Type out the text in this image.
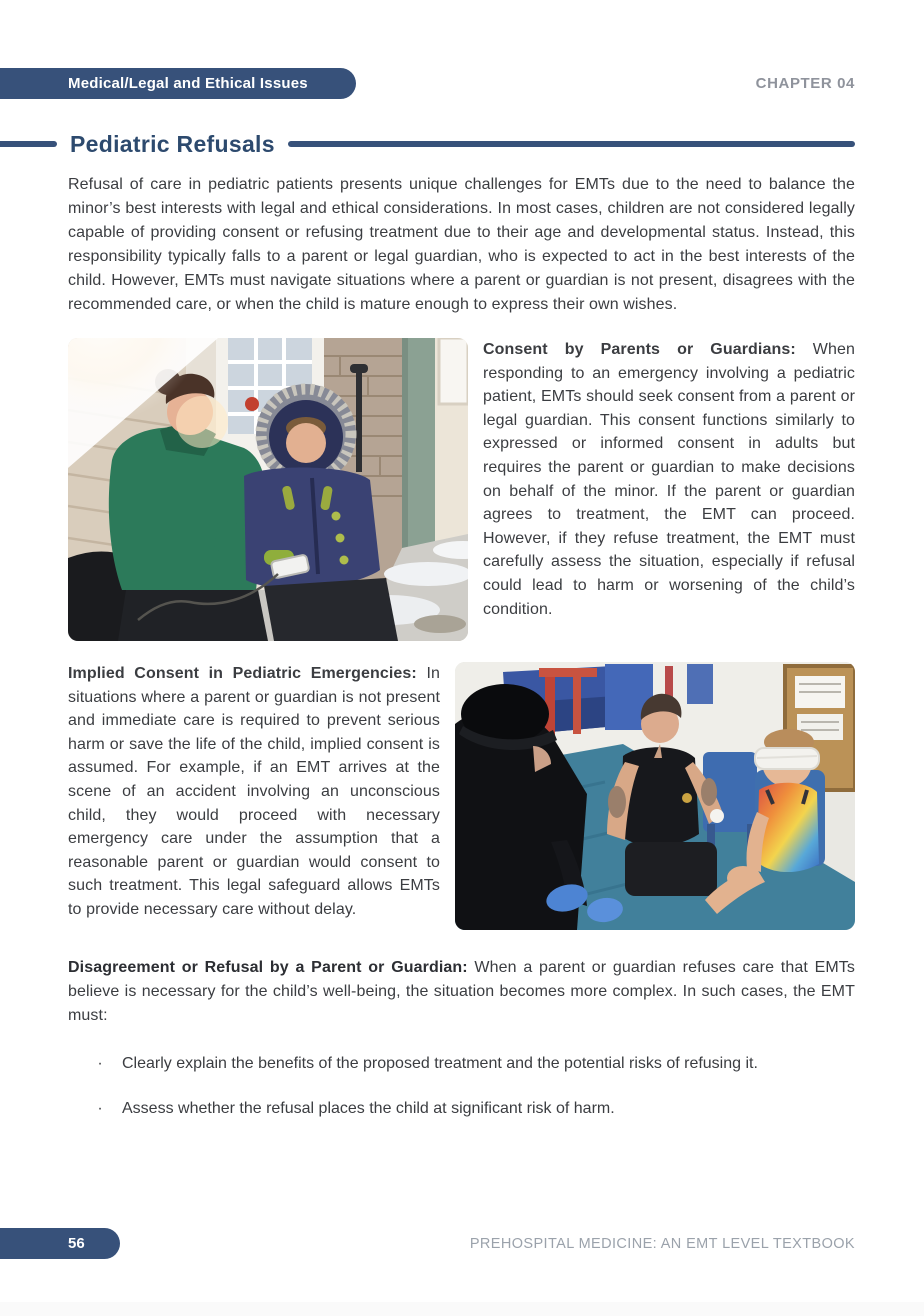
Medical/Legal and Ethical Issues	CHAPTER 04
Pediatric Refusals

Refusal of care in pediatric patients presents unique challenges for EMTs due to the need to balance the minor’s best interests with legal and ethical considerations. In most cases, children are not considered legally capable of providing consent or refusing treatment due to their age and developmental status. Instead, this responsibility typically falls to a parent or legal guardian, who is expected to act in the best interests of the child. However, EMTs must navigate situations where a parent or guardian is not present, disagrees with the recommended care, or when the child is mature enough to express their own wishes.

Consent by Parents or Guardians: When responding to an emergency involving a pediatric patient, EMTs should seek consent from a parent or legal guardian. This consent functions similarly to expressed or informed consent in adults but requires the parent or guardian to make decisions on behalf of the minor. If the parent or guardian agrees to treatment, the EMT can proceed. However, if they refuse treatment, the EMT must carefully assess the situation, especially if refusal could lead to harm or worsening of the child’s condition.
Implied Consent in Pediatric Emergencies: In situations where a parent or guardian is not present and immediate care is required to prevent serious harm or save the life of the child, implied consent is assumed. For example, if an EMT arrives at the scene of an accident involving an unconscious child, they would proceed with necessary emergency care under the assumption that a reasonable parent or guardian would consent to such treatment. This legal safeguard allows EMTs to provide necessary care without delay.

Disagreement or Refusal by a Parent or Guardian: When a parent or guardian refuses care that EMTs believe is necessary for the child’s well-being, the situation becomes more complex. In such cases, the EMT must:

· Clearly explain the benefits of the proposed treatment and the potential risks of refusing it.
· Assess whether the refusal places the child at significant risk of harm.
56	PREHOSPITAL MEDICINE: AN EMT LEVEL TEXTBOOK
